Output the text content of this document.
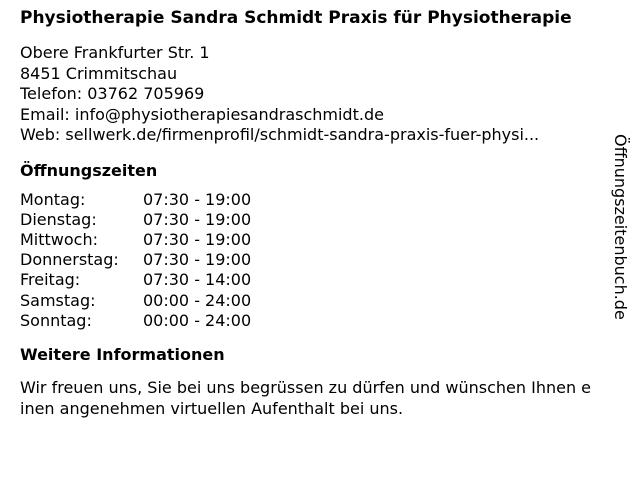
Physiotherapie Sandra Schmidt Praxis für Physiotherapie
Obere Frankfurter Str. 1
8451 Crimmitschau
Telefon: 03762 705969
Email: info@physiotherapiesandraschmidt.de
Web: sellwerk.de/firmenprofil/schmidt-sandra-praxis-fuer-physi...
Öffnungszeiten
Montag:	07:30 - 19:00
Dienstag:	07:30 - 19:00
Mittwoch:	07:30 - 19:00
Donnerstag:	07:30 - 19:00
Freitag:	07:30 - 14:00
Samstag:	00:00 - 24:00
Sonntag:	00:00 - 24:00
Weitere Informationen
Wir freuen uns, Sie bei uns begrüssen zu dürfen und wünschen Ihnen einen angenehmen virtuellen Aufenthalt bei uns.
Öffnungszeitenbuch.de
